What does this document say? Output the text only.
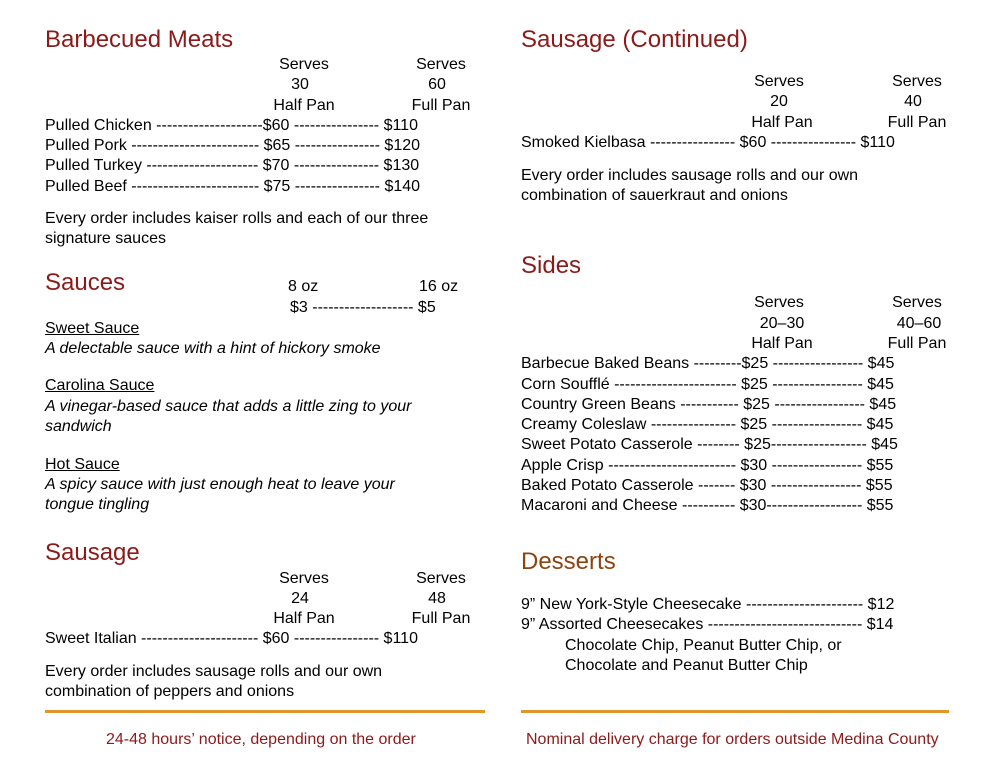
Barbecued Meats
Serves
30
Half Pan
Serves
60
Full Pan
Pulled Chicken --------------------$60 ---------------- $110
Pulled Pork ------------------------ $65 ---------------- $120
Pulled Turkey --------------------- $70 ---------------- $130
Pulled Beef ------------------------ $75 ---------------- $140
Every order includes kaiser rolls and each of our three
signature sauces
Sauces	8 oz	16 oz
$3 ------------------- $5
Sweet Sauce
A delectable sauce with a hint of hickory smoke
Carolina Sauce
A vinegar-based sauce that adds a little zing to your
sandwich
Hot Sauce
A spicy sauce with just enough heat to leave your
tongue tingling
Sausage
Serves
24
Half Pan
Serves
48
Full Pan
Sweet Italian ---------------------- $60 ---------------- $110
Every order includes sausage rolls and our own
combination of peppers and onions
24-48 hours’ notice, depending on the order
Sausage (Continued)
Serves
20
Half Pan
Serves
40
Full Pan
Smoked Kielbasa ---------------- $60 ---------------- $110
Every order includes sausage rolls and our own
combination of sauerkraut and onions
Sides
Serves
20–30
Half Pan
Serves
40–60
Full Pan
Barbecue Baked Beans ---------$25 ----------------- $45
Corn Soufflé ----------------------- $25 ----------------- $45
Country Green Beans ----------- $25 ----------------- $45
Creamy Coleslaw ---------------- $25 ----------------- $45
Sweet Potato Casserole -------- $25------------------ $45
Apple Crisp ------------------------ $30 ----------------- $55
Baked Potato Casserole ------- $30 ----------------- $55
Macaroni and Cheese ---------- $30------------------ $55
Desserts
9” New York-Style Cheesecake ---------------------- $12
9” Assorted Cheesecakes ----------------------------- $14
Chocolate Chip, Peanut Butter Chip, or
Chocolate and Peanut Butter Chip
Nominal delivery charge for orders outside Medina County
